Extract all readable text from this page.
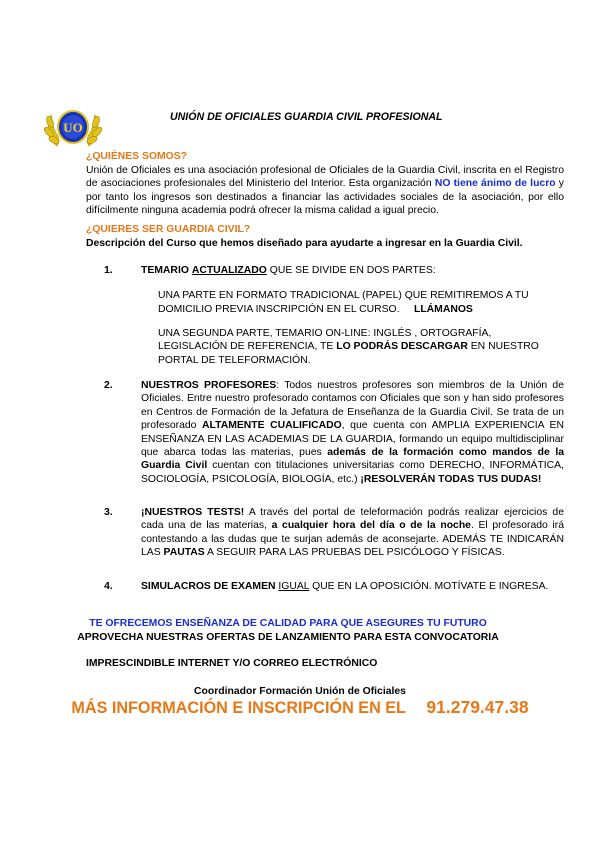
UO
UNIÓN DE OFICIALES GUARDIA CIVIL PROFESIONAL
¿QUIÉNES SOMOS?
Unión de Oficiales es una asociación profesional de Oficiales de la Guardia Civil, inscrita en el Registro de asociaciones profesionales del Ministerio del Interior. Esta organización NO tiene ánimo de lucro y por tanto los ingresos son destinados a financiar las actividades sociales de la asociación, por ello difícilmente ninguna academia podrá ofrecer la misma calidad a igual precio.
¿QUIERES SER GUARDIA CIVIL?
Descripción del Curso que hemos diseñado para ayudarte a ingresar en la Guardia Civil.
1.	TEMARIO ACTUALIZADO QUE SE DIVIDE EN DOS PARTES:
UNA PARTE EN FORMATO TRADICIONAL (PAPEL) QUE REMITIREMOS A TU DOMICILIO PREVIA INSCRIPCIÓN EN EL CURSO. LLÁMANOS
UNA SEGUNDA PARTE, TEMARIO ON-LINE: INGLÉS , ORTOGRAFÍA, LEGISLACIÓN DE REFERENCIA, TE LO PODRÁS DESCARGAR EN NUESTRO PORTAL DE TELEFORMACIÓN.
2.	NUESTROS PROFESORES: Todos nuestros profesores son miembros de la Unión de Oficiales. Entre nuestro profesorado contamos con Oficiales que son y han sido profesores en Centros de Formación de la Jefatura de Enseñanza de la Guardia Civil. Se trata de un profesorado ALTAMENTE CUALIFICADO, que cuenta con AMPLIA EXPERIENCIA EN ENSEÑANZA EN LAS ACADEMIAS DE LA GUARDIA, formando un equipo multidisciplinar que abarca todas las materias, pues además de la formación como mandos de la Guardia Civil cuentan con titulaciones universitarias como DERECHO, INFORMÁTICA, SOCIOLOGÍA, PSICOLOGÍA, BIOLOGÍA, etc.) ¡RESOLVERÁN TODAS TUS DUDAS!
3.	¡NUESTROS TESTS! A través del portal de teleformación podrás realizar ejercicios de cada una de las materias, a cualquier hora del día o de la noche. El profesorado irá contestando a las dudas que te surjan además de aconsejarte. ADEMÁS TE INDICARÁN LAS PAUTAS A SEGUIR PARA LAS PRUEBAS DEL PSICÓLOGO Y FÍSICAS.
4.	SIMULACROS DE EXAMEN IGUAL QUE EN LA OPOSICIÓN. MOTÍVATE E INGRESA.
TE OFRECEMOS ENSEÑANZA DE CALIDAD PARA QUE ASEGURES TU FUTURO
APROVECHA NUESTRAS OFERTAS DE LANZAMIENTO PARA ESTA CONVOCATORIA
IMPRESCINDIBLE INTERNET Y/O CORREO ELECTRÓNICO
Coordinador Formación Unión de Oficiales
MÁS INFORMACIÓN E INSCRIPCIÓN EN EL 91.279.47.38
